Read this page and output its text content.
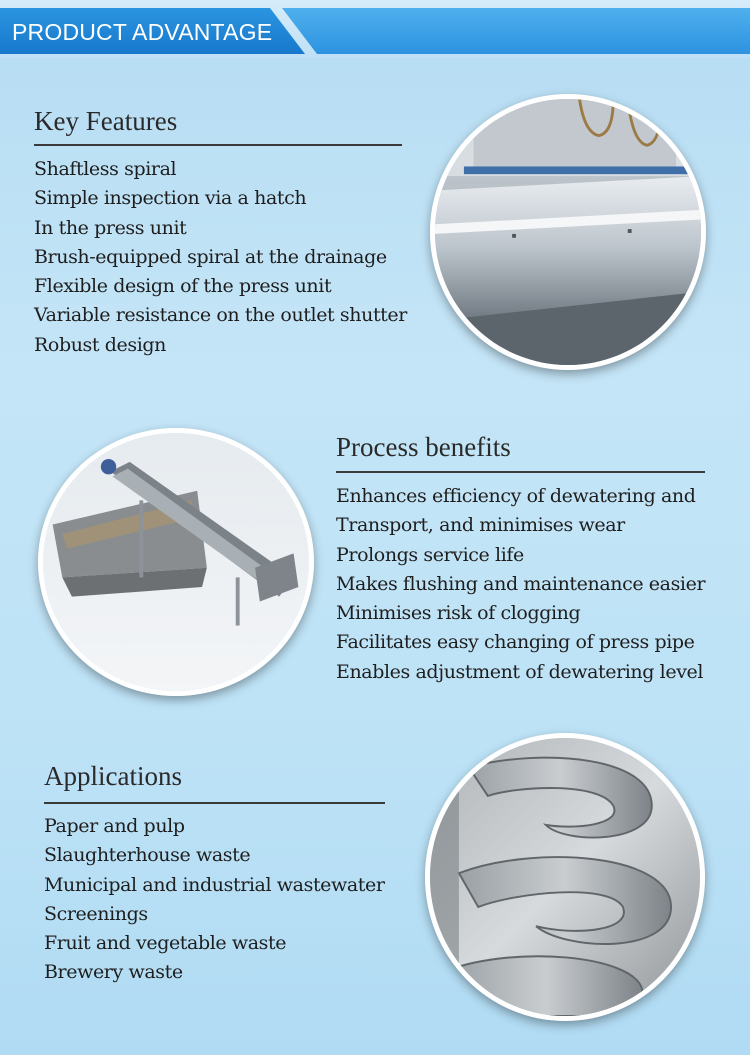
PRODUCT ADVANTAGE
Key Features
Shaftless spiral
Simple inspection via a hatch
In the press unit
Brush-equipped spiral at the drainage
Flexible design of the press unit
Variable resistance on the outlet shutter
Robust design
Process benefits
Enhances efficiency of dewatering and
Transport, and minimises wear
Prolongs service life
Makes flushing and maintenance easier
Minimises risk of clogging
Facilitates easy changing of press pipe
Enables adjustment of dewatering level
Applications
Paper and pulp
Slaughterhouse waste
Municipal and industrial wastewater
Screenings
Fruit and vegetable waste
Brewery waste
